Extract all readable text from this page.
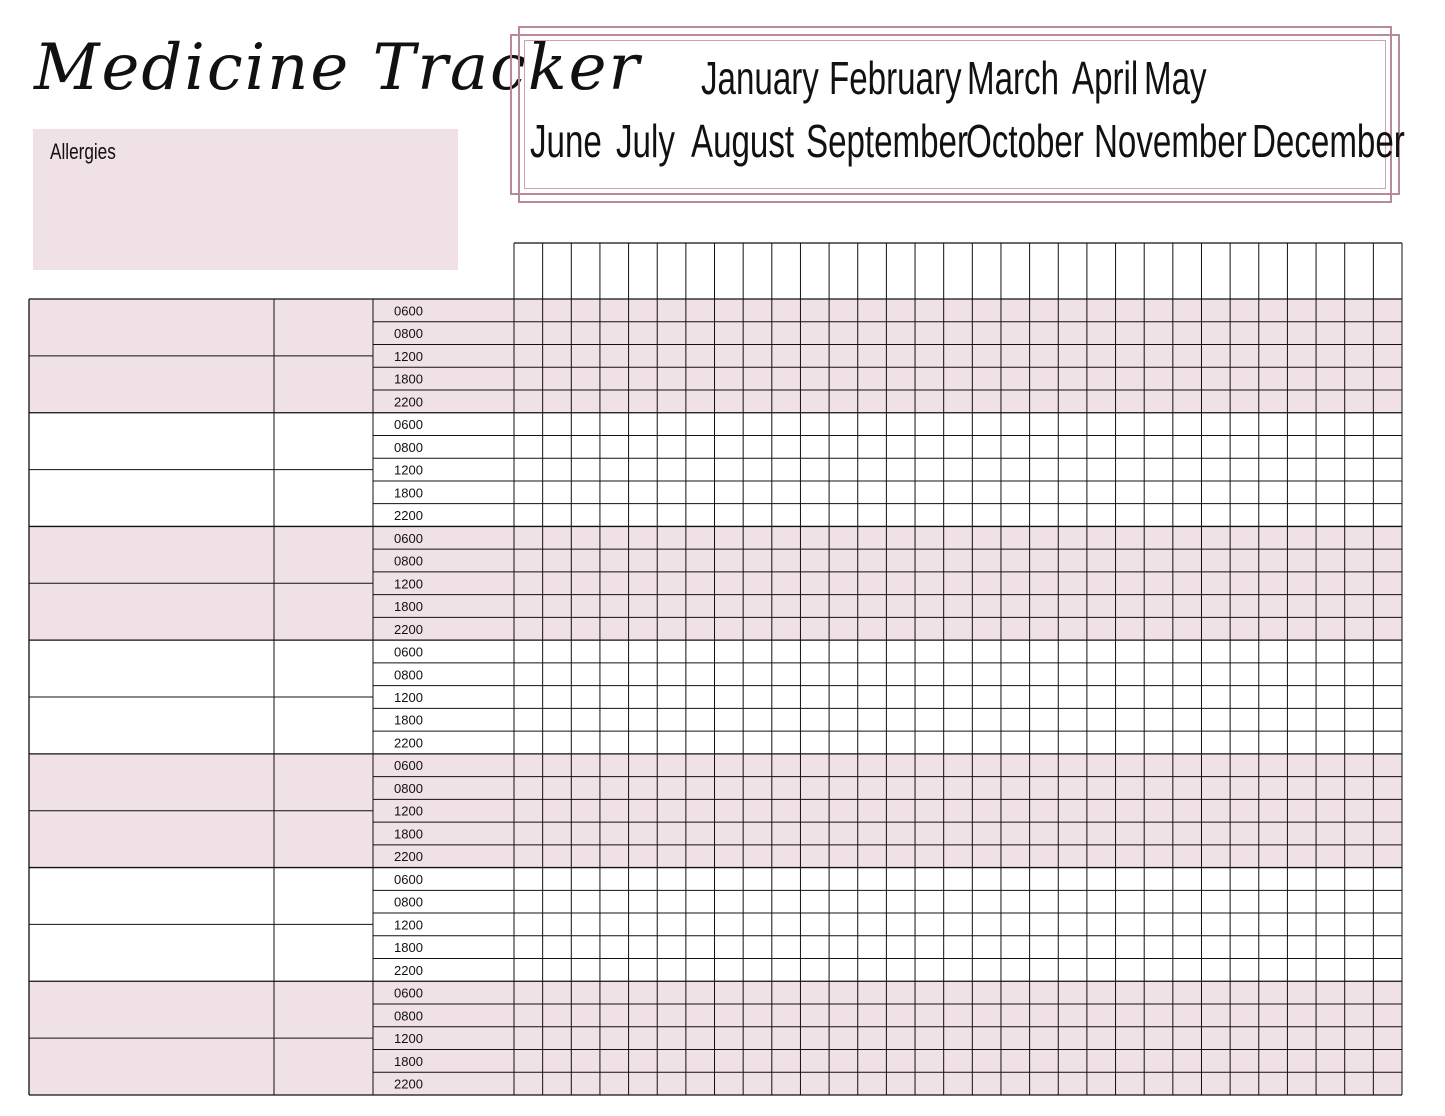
Medicine Tracker
Allergies
January February March April May
June July August September
October November December
0600
0800
1200
1800
2200
0600
0800
1200
1800
2200
0600
0800
1200
1800
2200
0600
0800
1200
1800
2200
0600
0800
1200
1800
2200
0600
0800
1200
1800
2200
0600
0800
1200
1800
2200
